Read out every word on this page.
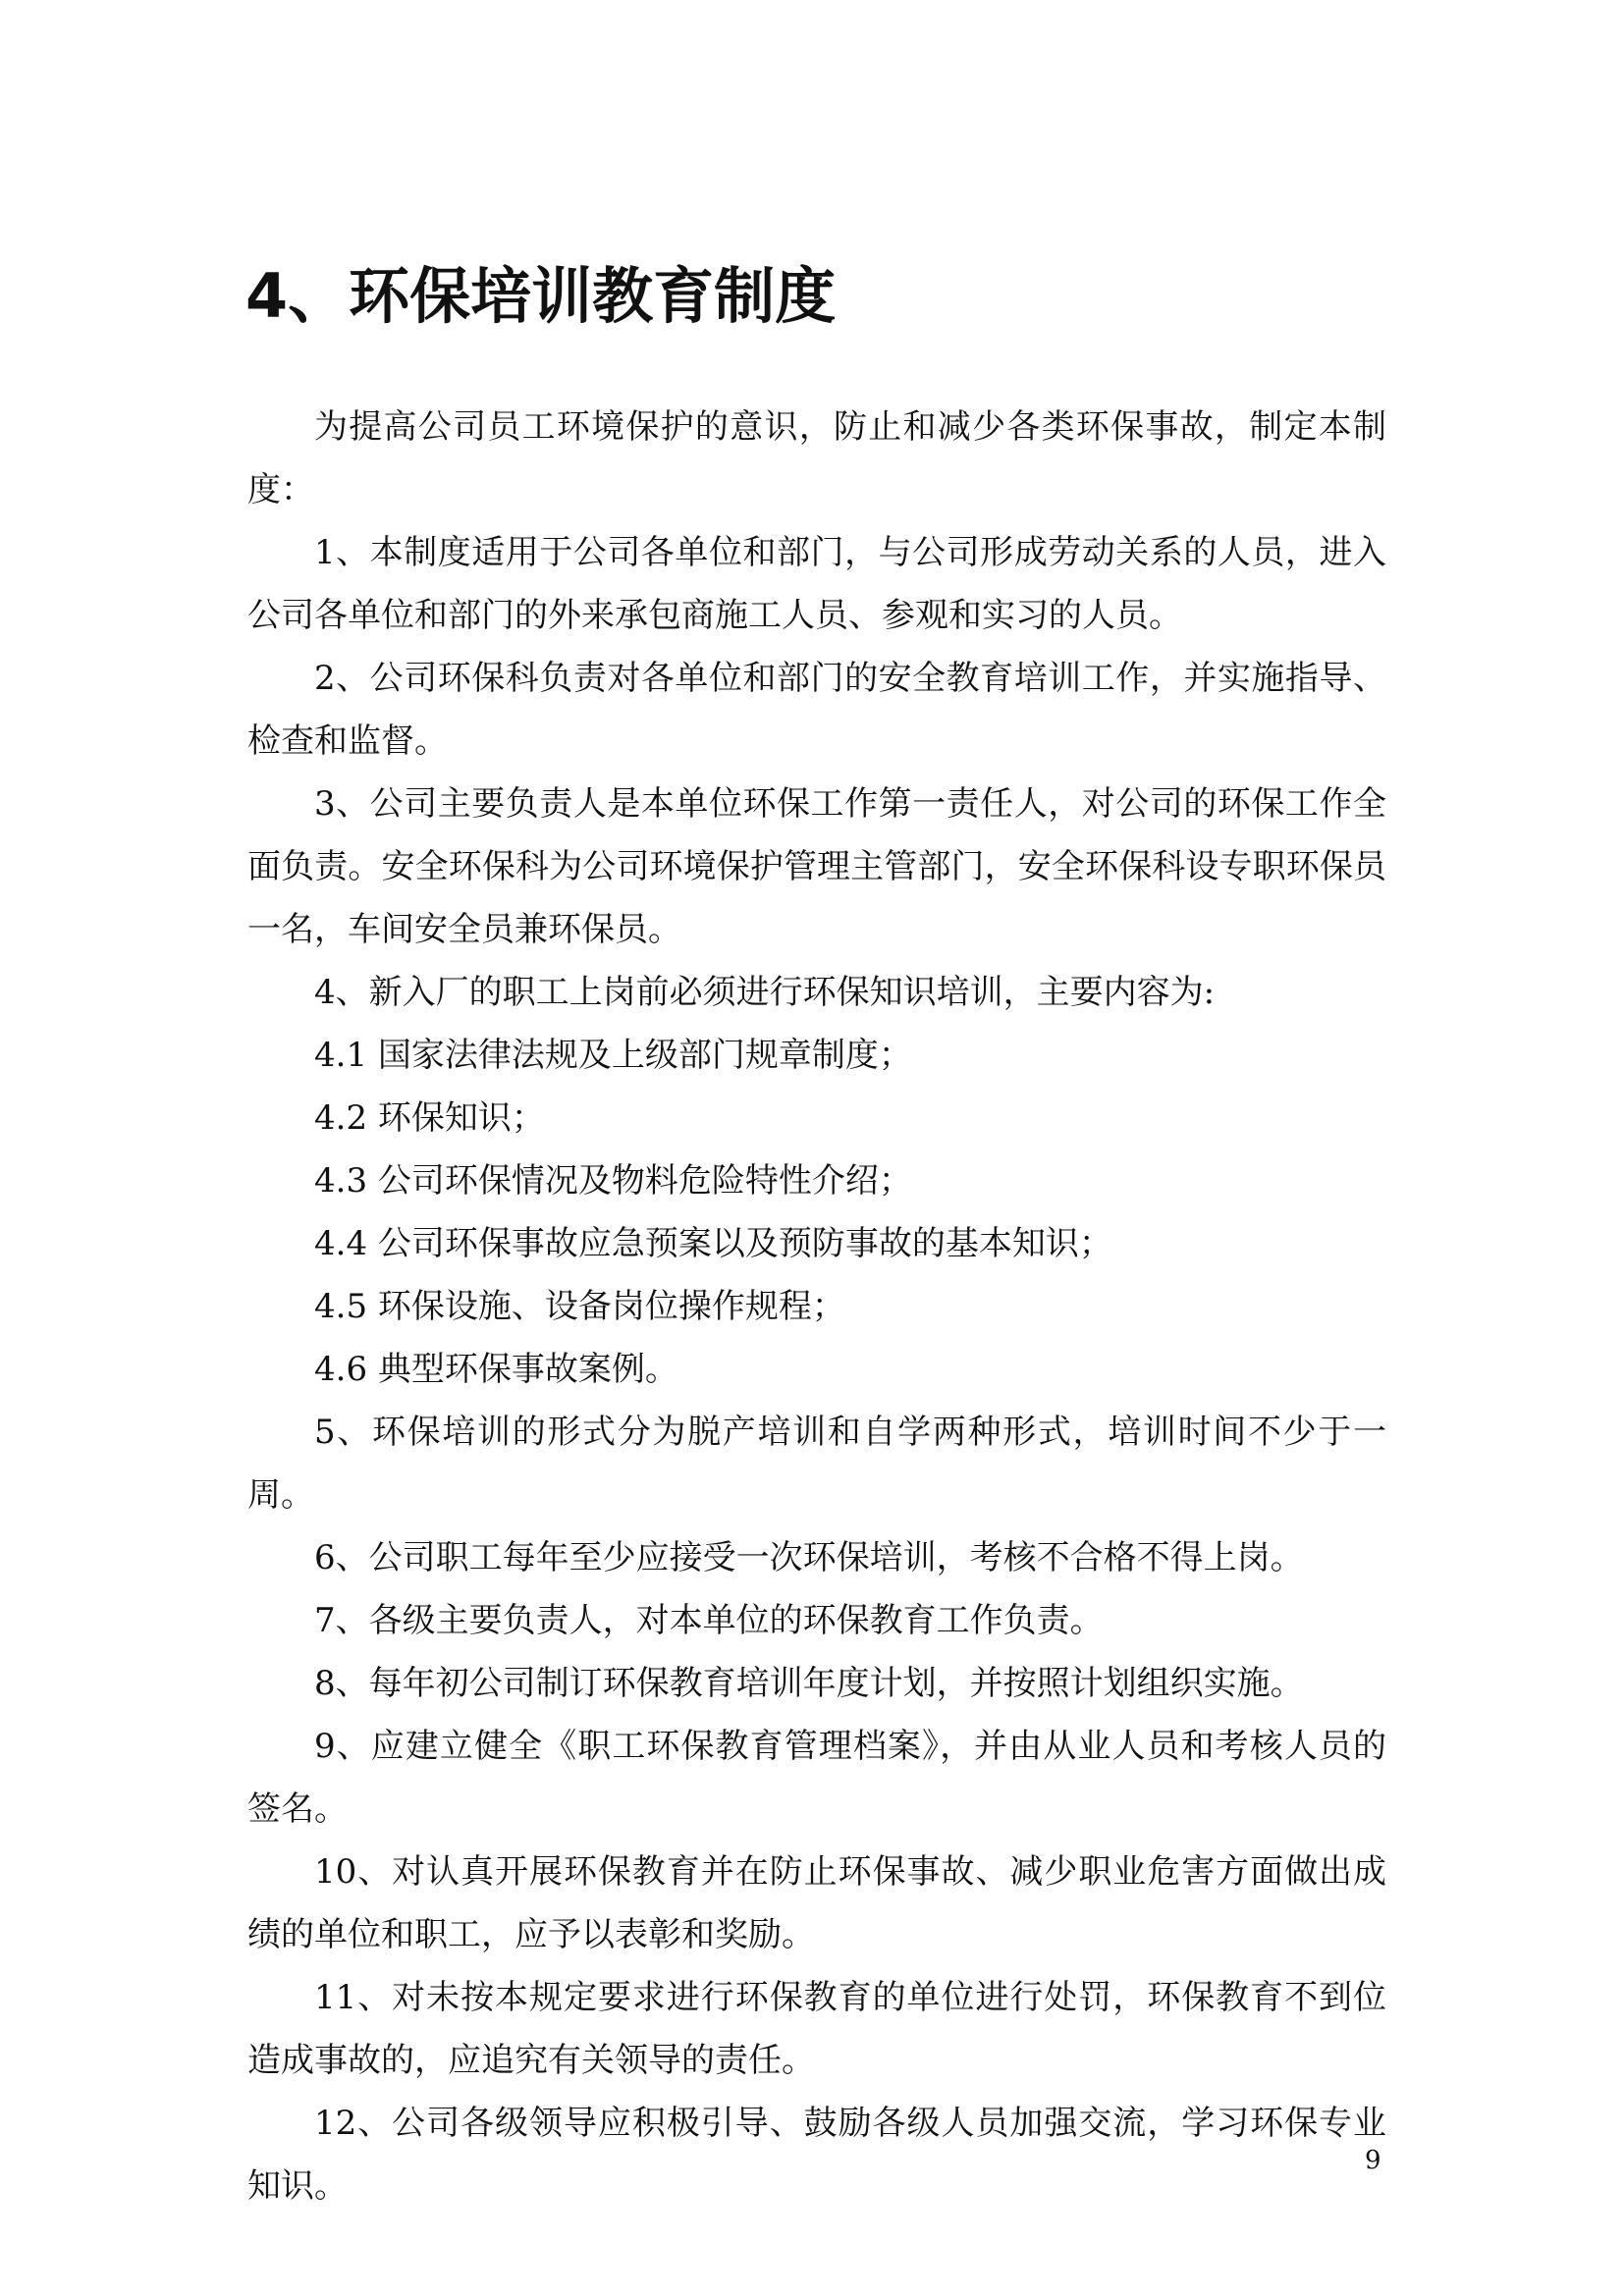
4、环保培训教育制度

为提高公司员工环境保护的意识，防止和减少各类环保事故，制定本制度：

1、本制度适用于公司各单位和部门，与公司形成劳动关系的人员，进入公司各单位和部门的外来承包商施工人员、参观和实习的人员。

2、公司环保科负责对各单位和部门的安全教育培训工作，并实施指导、检查和监督。

3、公司主要负责人是本单位环保工作第一责任人，对公司的环保工作全面负责。安全环保科为公司环境保护管理主管部门，安全环保科设专职环保员一名，车间安全员兼环保员。

4、新入厂的职工上岗前必须进行环保知识培训，主要内容为:

4.1 国家法律法规及上级部门规章制度；

4.2 环保知识；

4.3 公司环保情况及物料危险特性介绍；

4.4 公司环保事故应急预案以及预防事故的基本知识；

4.5 环保设施、设备岗位操作规程；

4.6 典型环保事故案例。

5、环保培训的形式分为脱产培训和自学两种形式，培训时间不少于一周。

6、公司职工每年至少应接受一次环保培训，考核不合格不得上岗。

7、各级主要负责人，对本单位的环保教育工作负责。

8、每年初公司制订环保教育培训年度计划，并按照计划组织实施。

9、应建立健全《职工环保教育管理档案》，并由从业人员和考核人员的签名。

10、对认真开展环保教育并在防止环保事故、减少职业危害方面做出成绩的单位和职工，应予以表彰和奖励。

11、对未按本规定要求进行环保教育的单位进行处罚，环保教育不到位造成事故的，应追究有关领导的责任。

12、公司各级领导应积极引导、鼓励各级人员加强交流，学习环保专业知识。

9
